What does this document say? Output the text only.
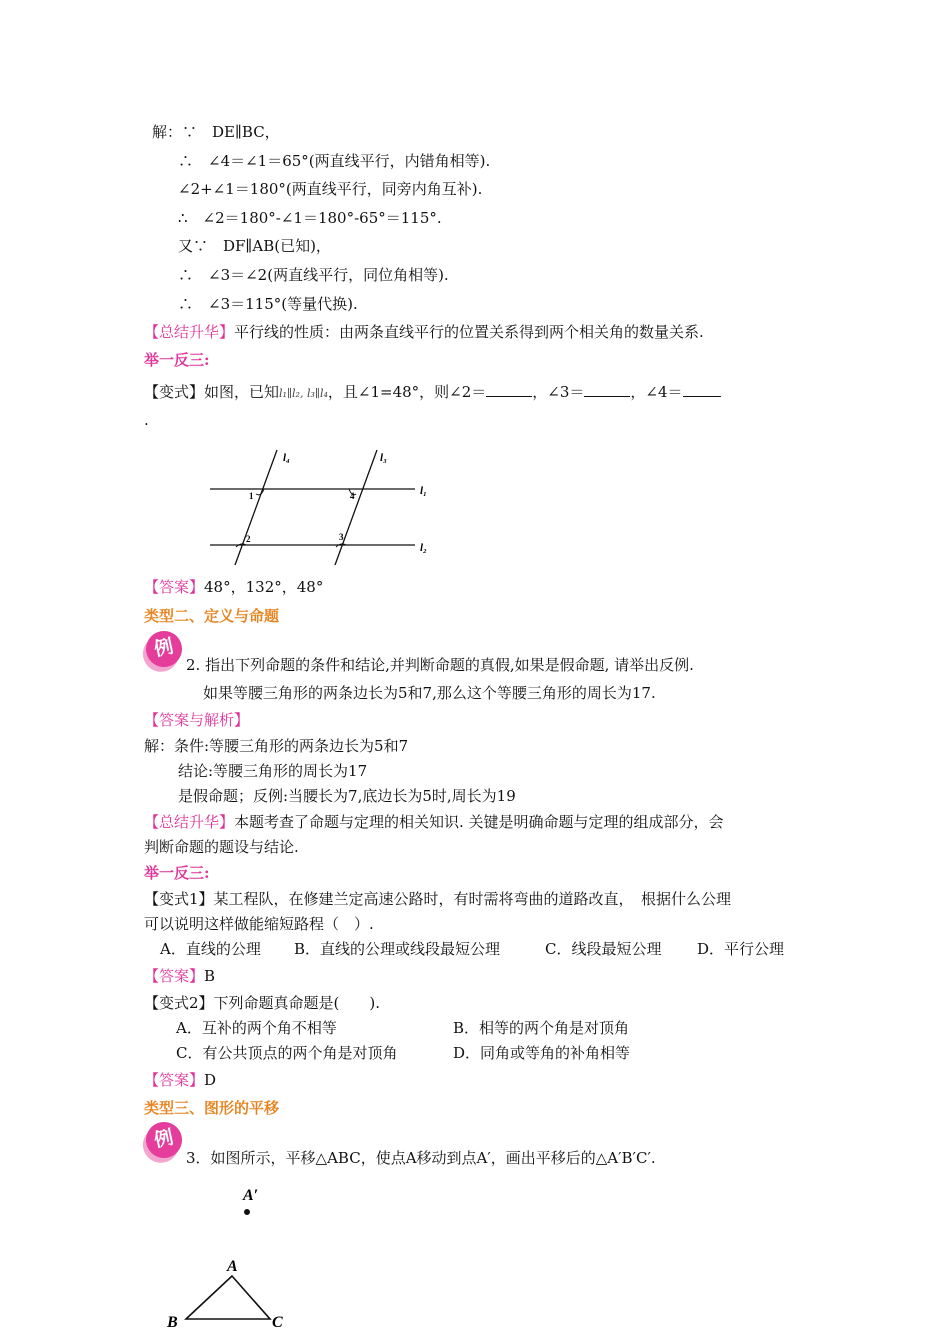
解：∵　DE∥BC，
∴　∠4＝∠1＝65°(两直线平行，内错角相等).
∠2+∠1＝180°(两直线平行，同旁内角互补).
∴　∠2＝180°-∠1＝180°-65°＝115°.
又∵　DF∥AB(已知)，
∴　∠3＝∠2(两直线平行，同位角相等).
∴　∠3＝115°(等量代换).
【总结升华】平行线的性质：由两条直线平行的位置关系得到两个相关角的数量关系.
举一反三:
【变式】如图，已知l₁∥l₂, l₃∥l₄，且∠1=48°，则∠2＝	，∠3＝	，∠4＝
.
l₄	l₃
l₁
l₂
1	4
2	3
【答案】48°，132°，48°
类型二、定义与命题
例
2. 指出下列命题的条件和结论,并判断命题的真假,如果是假命题, 请举出反例.
如果等腰三角形的两条边长为5和7,那么这个等腰三角形的周长为17.
【答案与解析】
解：条件:等腰三角形的两条边长为5和7
结论:等腰三角形的周长为17
是假命题；反例:当腰长为7,底边长为5时,周长为19
【总结升华】本题考查了命题与定理的相关知识. 关键是明确命题与定理的组成部分，会
判断命题的题设与结论.
举一反三:
【变式1】某工程队，在修建兰定高速公路时，有时需将弯曲的道路改直，　根据什么公理
可以说明这样做能缩短路程（　）.
A．直线的公理 B．直线的公理或线段最短公理	C．线段最短公理 D．平行公理
【答案】B
【变式2】下列命题真命题是(　　).
A．互补的两个角不相等	B．相等的两个角是对顶角
C．有公共顶点的两个角是对顶角	D．同角或等角的补角相等
【答案】D
类型三、图形的平移
例
3．如图所示，平移△ABC，使点A移动到点A′，画出平移后的△A′B′C′.
A′
A
B	C
